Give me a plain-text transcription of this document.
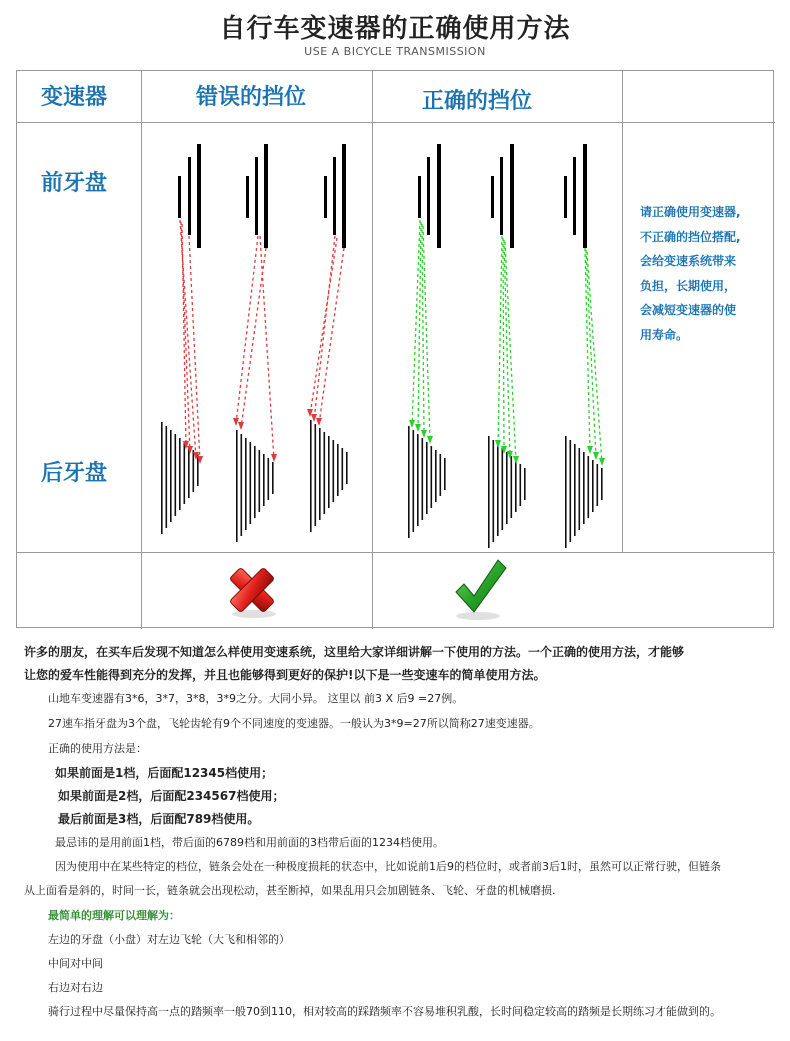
自行车变速器的正确使用方法
USE A BICYCLE TRANSMISSION
变速器	错误的挡位	正确的挡位
前牙盘
后牙盘
请正确使用变速器,
不正确的挡位搭配,
会给变速系统带来
负担，长期使用，
会减短变速器的使
用寿命。
许多的朋友，在买车后发现不知道怎么样使用变速系统，这里给大家详细讲解一下使用的方法。一个正确的使用方法，才能够
让您的爱车性能得到充分的发挥，并且也能够得到更好的保护!以下是一些变速车的简单使用方法。
山地车变速器有3*6，3*7，3*8，3*9之分。大同小异。 这里以 前3 X 后9 =27例。
27速车指牙盘为3个盘，飞轮齿轮有9个不同速度的变速器。一般认为3*9=27所以简称27速变速器。
正确的使用方法是：
如果前面是1档，后面配12345档使用；
如果前面是2档，后面配234567档使用；
最后前面是3档，后面配789档使用。
最忌讳的是用前面1档，带后面的6789档和用前面的3档带后面的1234档使用。
因为使用中在某些特定的档位，链条会处在一种极度损耗的状态中，比如说前1后9的档位时，或者前3后1时，虽然可以正常行驶，但链条
从上面看是斜的，时间一长，链条就会出现松动，甚至断掉，如果乱用只会加剧链条、飞轮、牙盘的机械磨损.
最简单的理解可以理解为：
左边的牙盘（小盘）对左边飞轮（大飞和相邻的）
中间对中间
右边对右边
骑行过程中尽量保持高一点的踏频率一般70到110，相对较高的踩踏频率不容易堆积乳酸，长时间稳定较高的踏频是长期练习才能做到的。
